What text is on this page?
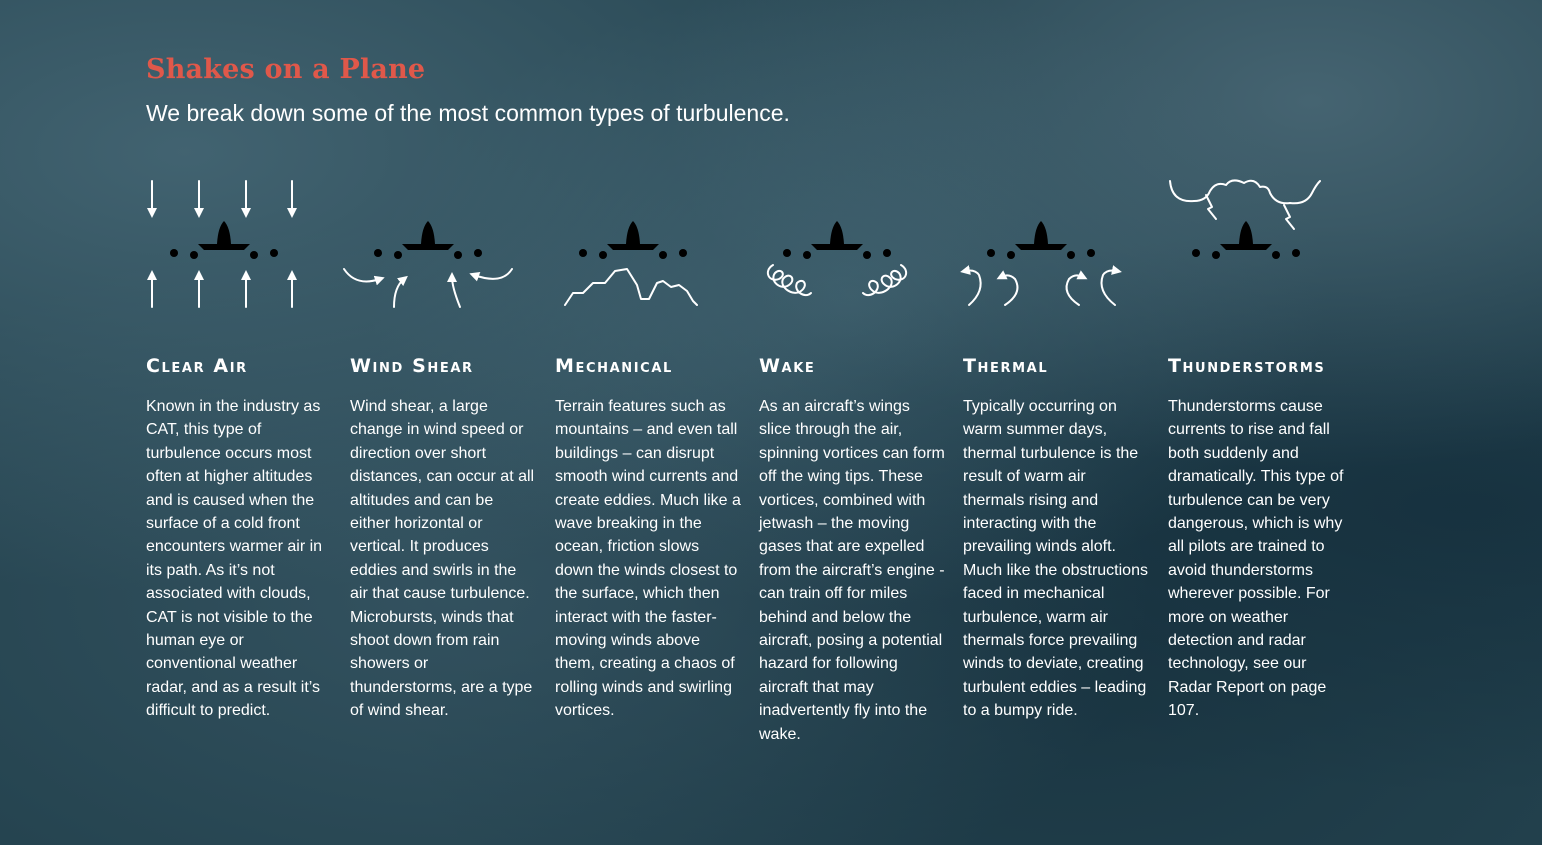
Shakes on a Plane

We break down some of the most common types of turbulence.

Clear Air

Known in the industry as CAT, this type of turbulence occurs most often at higher altitudes and is caused when the surface of a cold front encounters warmer air in its path. As it’s not associated with clouds, CAT is not visible to the human eye or conventional weather radar, and as a result it’s difficult to predict.

Wind Shear

Wind shear, a large change in wind speed or direction over short distances, can occur at all altitudes and can be either horizontal or vertical. It produces eddies and swirls in the air that cause turbulence. Microbursts, winds that shoot down from rain showers or thunderstorms, are a type of wind shear.

Mechanical

Terrain features such as mountains – and even tall buildings – can disrupt smooth wind currents and create eddies. Much like a wave breaking in the ocean, friction slows down the winds closest to the surface, which then interact with the faster-moving winds above them, creating a chaos of rolling winds and swirling vortices.

Wake

As an aircraft’s wings slice through the air, spinning vortices can form off the wing tips. These vortices, combined with jetwash – the moving gases that are expelled from the aircraft’s engine - can train off for miles behind and below the aircraft, posing a potential hazard for following aircraft that may inadvertently fly into the wake.

Thermal

Typically occurring on warm summer days, thermal turbulence is the result of warm air thermals rising and interacting with the prevailing winds aloft. Much like the obstructions faced in mechanical turbulence, warm air thermals force prevailing winds to deviate, creating turbulent eddies – leading to a bumpy ride.

Thunderstorms

Thunderstorms cause currents to rise and fall both suddenly and dramatically. This type of turbulence can be very dangerous, which is why all pilots are trained to avoid thunderstorms wherever possible. For more on weather detection and radar technology, see our Radar Report on page 107.
